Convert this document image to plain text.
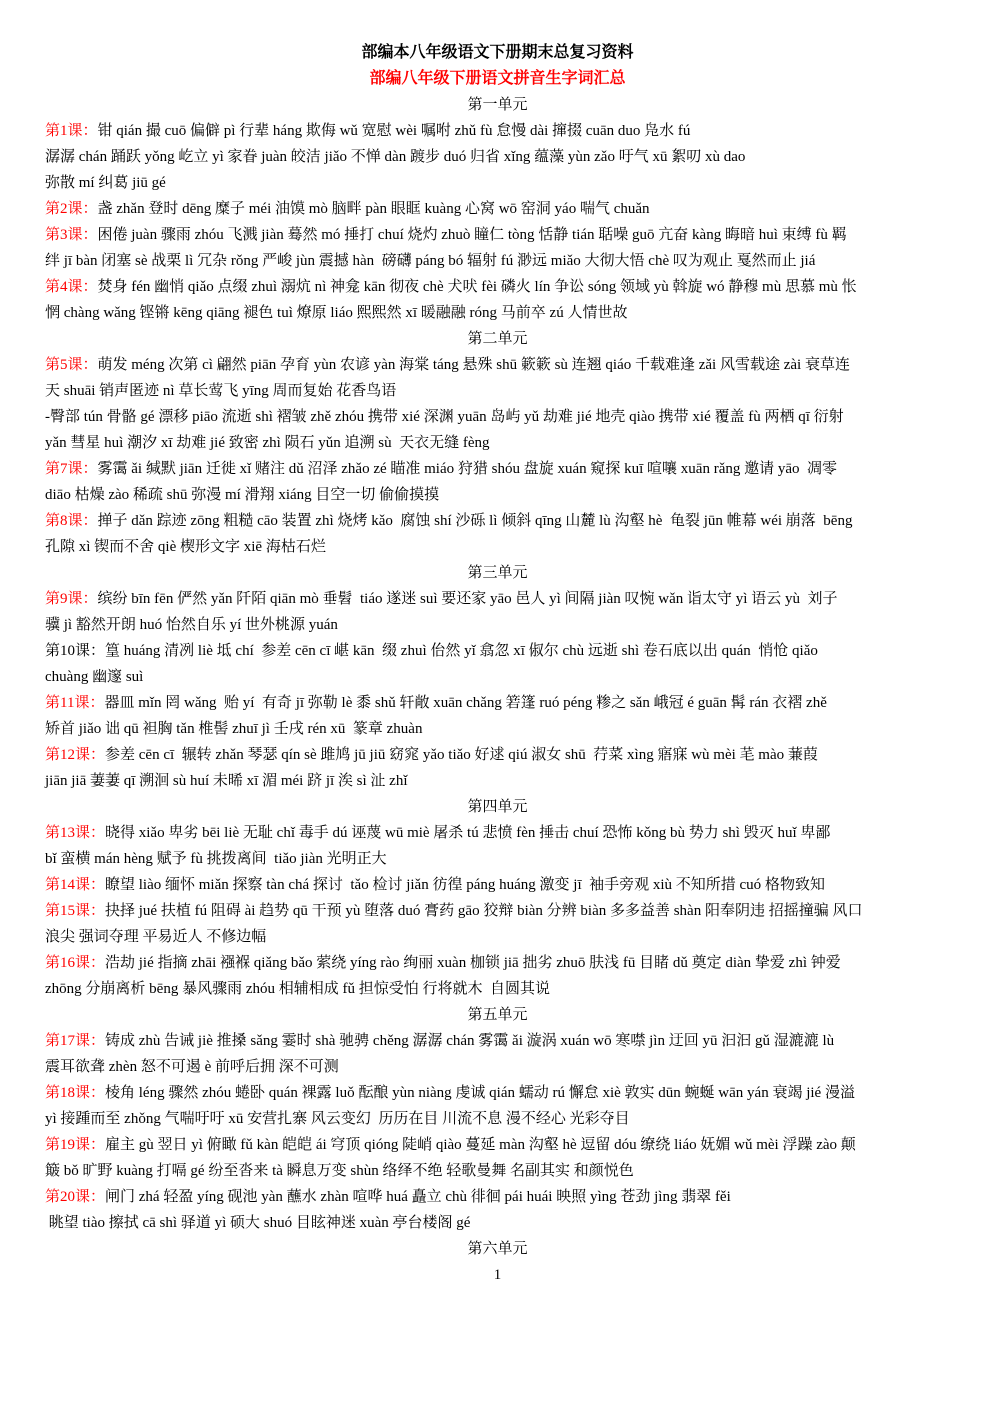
部编本八年级语文下册期末总复习资料
部编八年级下册语文拼音生字词汇总
第一单元
第1课：钳 qián 撮 cuō 偏僻 pì 行辈 háng 欺侮 wǔ 宽慰 wèi 嘱咐 zhǔ fù 怠慢 dài 撺掇 cuān duo 凫水 fú
潺潺 chán 踊跃 yǒng 屹立 yì 家眷 juàn 皎洁 jiǎo 不惮 dàn 踱步 duó 归省 xǐng 蕴藻 yùn zǎo 吁气 xū 絮叨 xù dao
弥散 mí 纠葛 jiū gé
第2课：盏 zhǎn 登时 dēng 糜子 méi 油馍 mò 脑畔 pàn 眼眶 kuàng 心窝 wō 窑洞 yáo 喘气 chuǎn
第3课：困倦 juàn 骤雨 zhóu 飞溅 jiàn 蓦然 mó 捶打 chuí 烧灼 zhuò 瞳仁 tòng 恬静 tián 聒噪 guō 亢奋 kàng 晦暗 huì 束缚 fù 羁
绊 jī bàn 闭塞 sè 战栗 lì 冗杂 rǒng 严峻 jùn 震撼 hàn  磅礴 páng bó 辐射 fú 渺远 miǎo 大彻大悟 chè 叹为观止 戛然而止 jiá
第4课：焚身 fén 幽悄 qiǎo 点缀 zhuì 溺炕 nì 神龛 kān 彻夜 chè 犬吠 fèi 磷火 lín 争讼 sóng 领域 yù 斡旋 wó 静穆 mù 思慕 mù 怅
惘 chàng wǎng 铿锵 kēng qiāng 褪色 tuì 燎原 liáo 熙熙然 xī 暖融融 róng 马前卒 zú 人情世故
第二单元
第5课：萌发 méng 次第 cì 翩然 piān 孕育 yùn 农谚 yàn 海棠 táng 悬殊 shū 簌簌 sù 连翘 qiáo 千载难逢 zǎi 风雪载途 zài 衰草连
天 shuāi 销声匿迹 nì 草长莺飞 yīng 周而复始 花香鸟语
-臀部 tún 骨骼 gé 漂移 piāo 流逝 shì 褶皱 zhě zhóu 携带 xié 深渊 yuān 岛屿 yǔ 劫难 jié 地壳 qiào 携带 xié 覆盖 fù 两栖 qī 衍射
yǎn 彗星 huì 潮汐 xī 劫难 jié 致密 zhì 陨石 yǔn 追溯 sù  天衣无缝 fèng
第7课：雾霭 ǎi 缄默 jiān 迁徙 xǐ 赌注 dǔ 沼泽 zhǎo zé 瞄准 miáo 狩猎 shóu 盘旋 xuán 窥探 kuī 喧嚷 xuān rǎng 邀请 yāo  凋零
diāo 枯燥 zào 稀疏 shū 弥漫 mí 滑翔 xiáng 目空一切 偷偷摸摸
第8课：掸子 dǎn 踪迹 zōng 粗糙 cāo 装置 zhì 烧烤 kǎo  腐蚀 shí 沙砾 lì 倾斜 qīng 山麓 lù 沟壑 hè  龟裂 jūn 帷幕 wéi 崩落  bēng
孔隙 xì 锲而不舍 qiè 楔形文字 xiē 海枯石烂
第三单元
第9课：缤纷 bīn fēn 俨然 yǎn 阡陌 qiān mò 垂髫  tiáo 遂迷 suì 要还家 yāo 邑人 yì 间隔 jiàn 叹惋 wǎn 诣太守 yì 语云 yù  刘子
骥 jì 豁然开朗 huó 怡然自乐 yí 世外桃源 yuán
第10课：篁 huáng 清冽 liè 坻 chí  参差 cēn cī 嵁 kān  缀 zhuì 佁然 yǐ 翕忽 xī 俶尔 chù 远逝 shì 卷石底以出 quán  悄怆 qiǎo
chuàng 幽邃 suì
第11课：器皿 mǐn 罔 wǎng  贻 yí  有奇 jī 弥勒 lè 黍 shǔ 轩敞 xuān chǎng 箬篷 ruó péng 糁之 sǎn 峨冠 é guān 髯 rán 衣褶 zhě
矫首 jiǎo 诎 qū 袒胸 tǎn 椎髻 zhuī jì 壬戌 rén xū  篆章 zhuàn
第12课：参差 cēn cī  辗转 zhǎn 琴瑟 qín sè 雎鸠 jū jiū 窈窕 yǎo tiǎo 好逑 qiú 淑女 shū  荇菜 xìng 寤寐 wù mèi 芼 mào 蒹葭
jiān jiā 萋萋 qī 溯洄 sù huí 未晞 xī 湄 méi 跻 jī 涘 sì 沚 zhǐ
第四单元
第13课：晓得 xiǎo 卑劣 bēi liè 无耻 chǐ 毒手 dú 诬蔑 wū miè 屠杀 tú 悲愤 fèn 捶击 chuí 恐怖 kǒng bù 势力 shì 毁灭 huǐ 卑鄙
bǐ 蛮横 mán hèng 赋予 fù 挑拨离间  tiǎo jiàn 光明正大
第14课：瞭望 liào 缅怀 miǎn 探察 tàn chá 探讨  tǎo 检讨 jiǎn 彷徨 páng huáng 激变 jī  袖手旁观 xiù 不知所措 cuó 格物致知
第15课：抉择 jué 扶植 fú 阻碍 ài 趋势 qū 干预 yù 堕落 duó 膏药 gāo 狡辩 biàn 分辨 biàn 多多益善 shàn 阳奉阴违 招摇撞骗 风口
浪尖 强词夺理 平易近人 不修边幅
第16课：浩劫 jié 指摘 zhāi 襁褓 qiǎng bǎo 萦绕 yíng rào 绚丽 xuàn 枷锁 jiā 拙劣 zhuō 肤浅 fū 目睹 dǔ 奠定 diàn 挚爱 zhì 钟爱
zhōng 分崩离析 bēng 暴风骤雨 zhóu 相辅相成 fǔ 担惊受怕 行将就木  自圆其说
第五单元
第17课：铸成 zhù 告诫 jiè 推搡 sǎng 霎时 shà 驰骋 chěng 潺潺 chán 雾霭 ǎi 漩涡 xuán wō 寒噤 jìn 迂回 yū 汩汩 gǔ 湿漉漉 lù
震耳欲聋 zhèn 怒不可遏 è 前呼后拥 深不可测
第18课：棱角 léng 骤然 zhóu 蜷卧 quán 裸露 luǒ 酝酿 yùn niàng 虔诚 qián 蠕动 rú 懈怠 xiè 敦实 dūn 蜿蜒 wān yán 衰竭 jié 漫溢
yì 接踵而至 zhǒng 气喘吁吁 xū 安营扎寨 风云变幻  历历在目 川流不息 漫不经心 光彩夺目
第19课：雇主 gù 翌日 yì 俯瞰 fǔ kàn 皑皑 ái 穹顶 qióng 陡峭 qiào 蔓延 màn 沟壑 hè 逗留 dóu 缭绕 liáo 妩媚 wǔ mèi 浮躁 zào 颠
簸 bǒ 旷野 kuàng 打嗝 gé 纷至沓来 tà 瞬息万变 shùn 络绎不绝 轻歌曼舞 名副其实 和颜悦色
第20课：闸门 zhá 轻盈 yíng 砚池 yàn 蘸水 zhàn 喧哗 huá 矗立 chù 徘徊 pái huái 映照 yìng 苍劲 jìng 翡翠 fěi
眺望 tiào 擦拭 cā shì 驿道 yì 硕大 shuó 目眩神迷 xuàn 亭台楼阁 gé
第六单元
1
